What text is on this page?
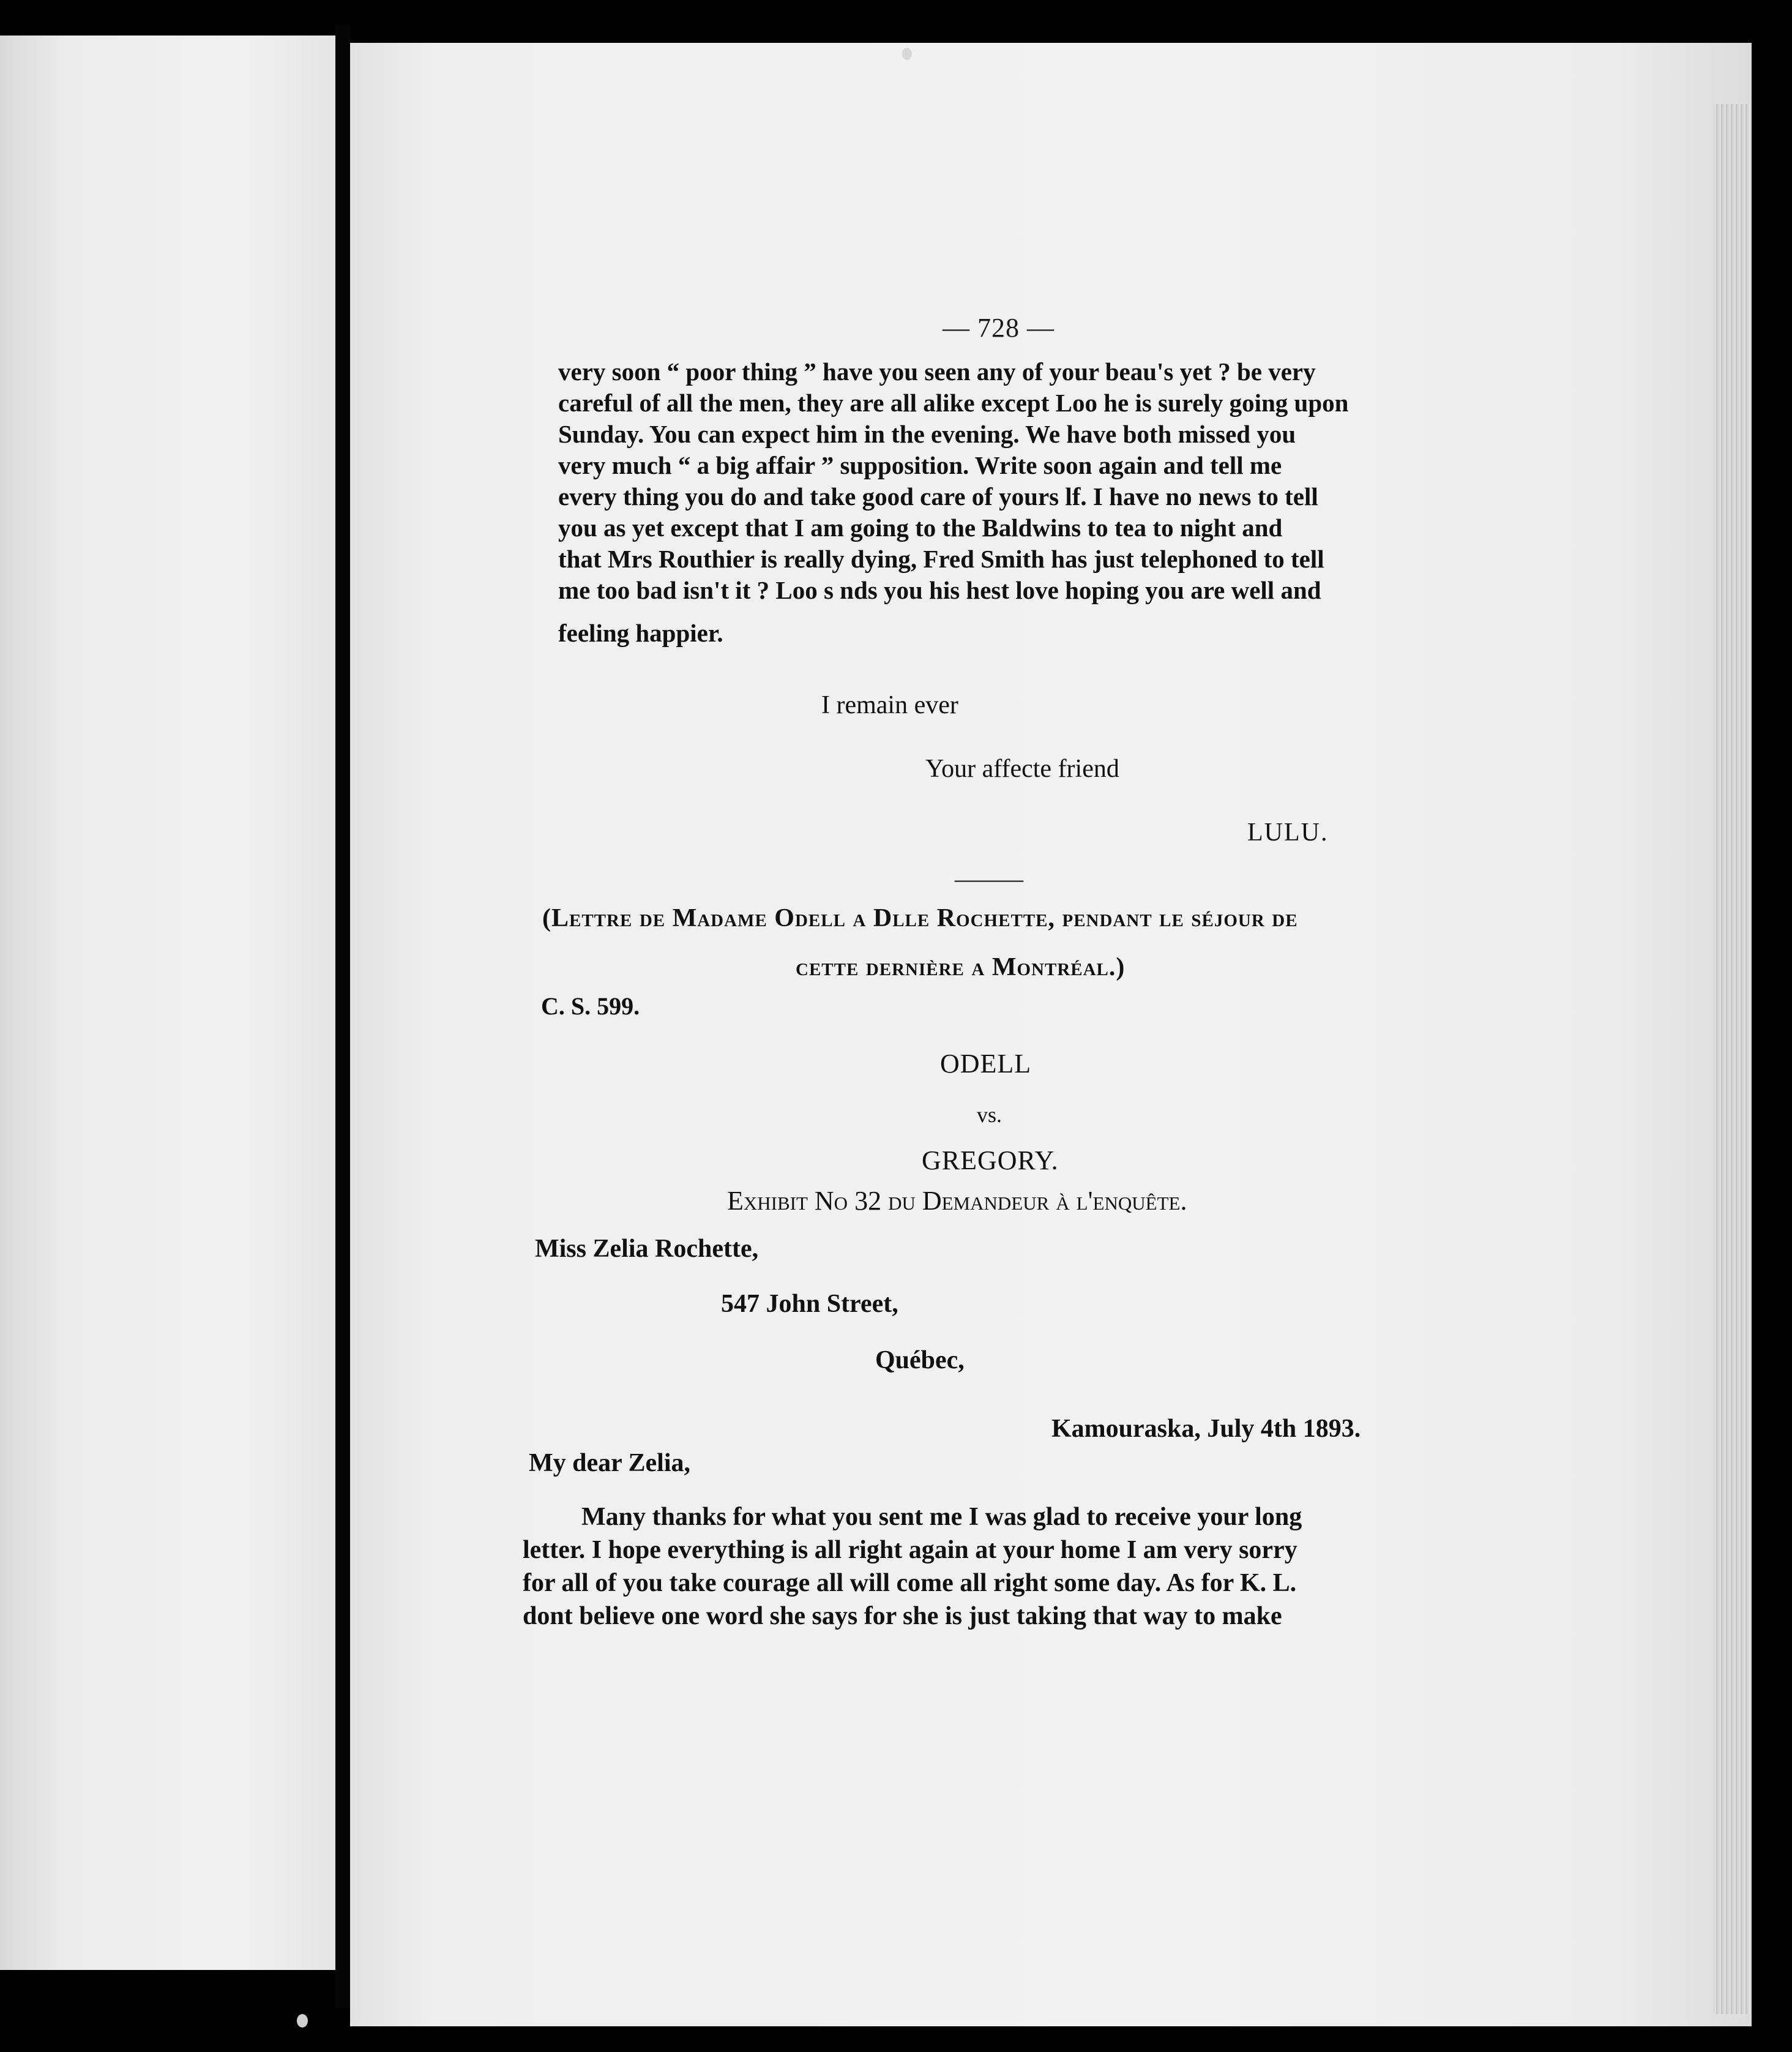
— 728 —
very soon “ poor thing ” have you seen any of your beau's yet ? be very
careful of all the men, they are all alike except Loo he is surely going upon
Sunday. You can expect him in the evening. We have both missed you
very much “ a big affair ” supposition. Write soon again and tell me
every thing you do and take good care of yours lf. I have no news to tell
you as yet except that I am going to the Baldwins to tea to night and
that Mrs Routhier is really dying, Fred Smith has just telephoned to tell
me too bad isn't it ? Loo s nds you his hest love hoping you are well and
feeling happier.
I remain ever
Your affecte friend
LULU.
———
(Lettre de Madame Odell a Dlle Rochette, pendant le séjour de
cette dernière a Montréal.)
C. S. 599.
ODELL
vs.
GREGORY.
Exhibit No 32 du Demandeur à l'enquête.
Miss Zelia Rochette,
547 John Street,
Québec,
Kamouraska, July 4th 1893.
My dear Zelia,
Many thanks for what you sent me I was glad to receive your long
letter. I hope everything is all right again at your home I am very sorry
for all of you take courage all will come all right some day. As for K. L.
dont believe one word she says for she is just taking that way to make
